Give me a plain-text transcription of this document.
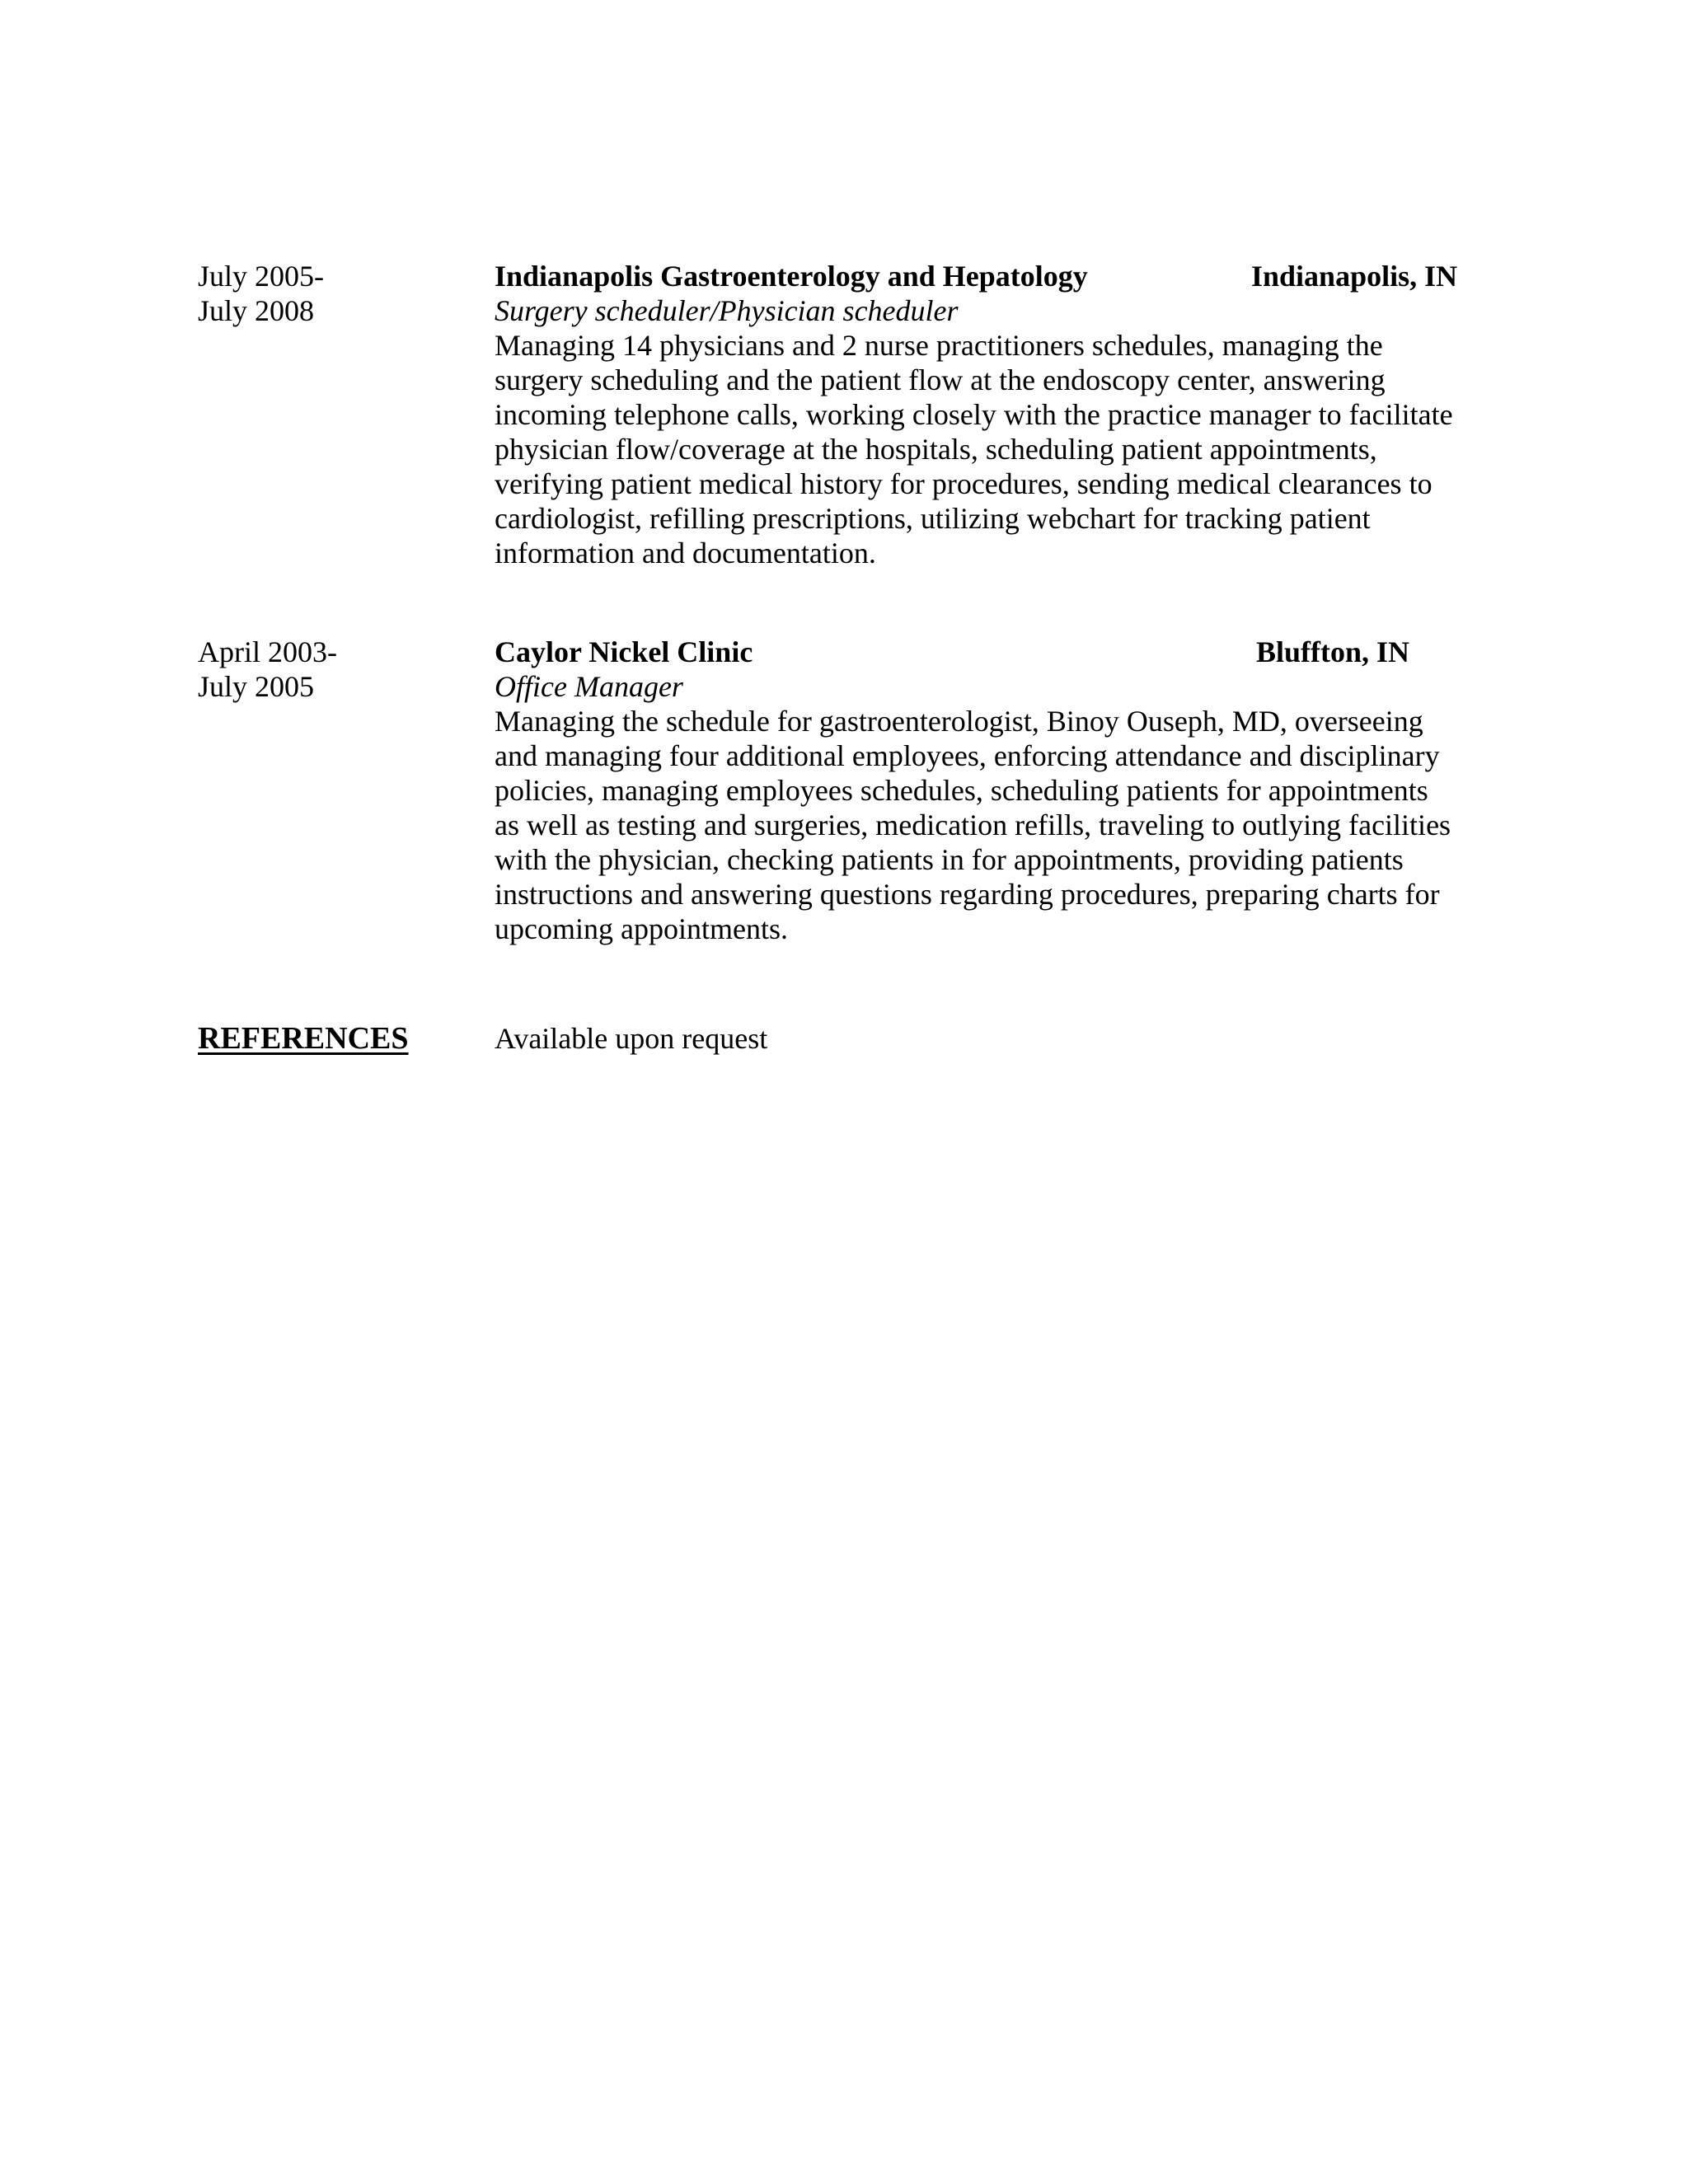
July 2005-
July 2008
Indianapolis Gastroenterology and Hepatology	Indianapolis, IN
Surgery scheduler/Physician scheduler
Managing 14 physicians and 2 nurse practitioners schedules, managing the
surgery scheduling and the patient flow at the endoscopy center, answering
incoming telephone calls, working closely with the practice manager to facilitate
physician flow/coverage at the hospitals, scheduling patient appointments,
verifying patient medical history for procedures, sending medical clearances to
cardiologist, refilling prescriptions, utilizing webchart for tracking patient
information and documentation.
April 2003-
July 2005
Caylor Nickel Clinic	Bluffton, IN
Office Manager
Managing the schedule for gastroenterologist, Binoy Ouseph, MD, overseeing
and managing four additional employees, enforcing attendance and disciplinary
policies, managing employees schedules, scheduling patients for appointments
as well as testing and surgeries, medication refills, traveling to outlying facilities
with the physician, checking patients in for appointments, providing patients
instructions and answering questions regarding procedures, preparing charts for
upcoming appointments.
REFERENCES	Available upon request
